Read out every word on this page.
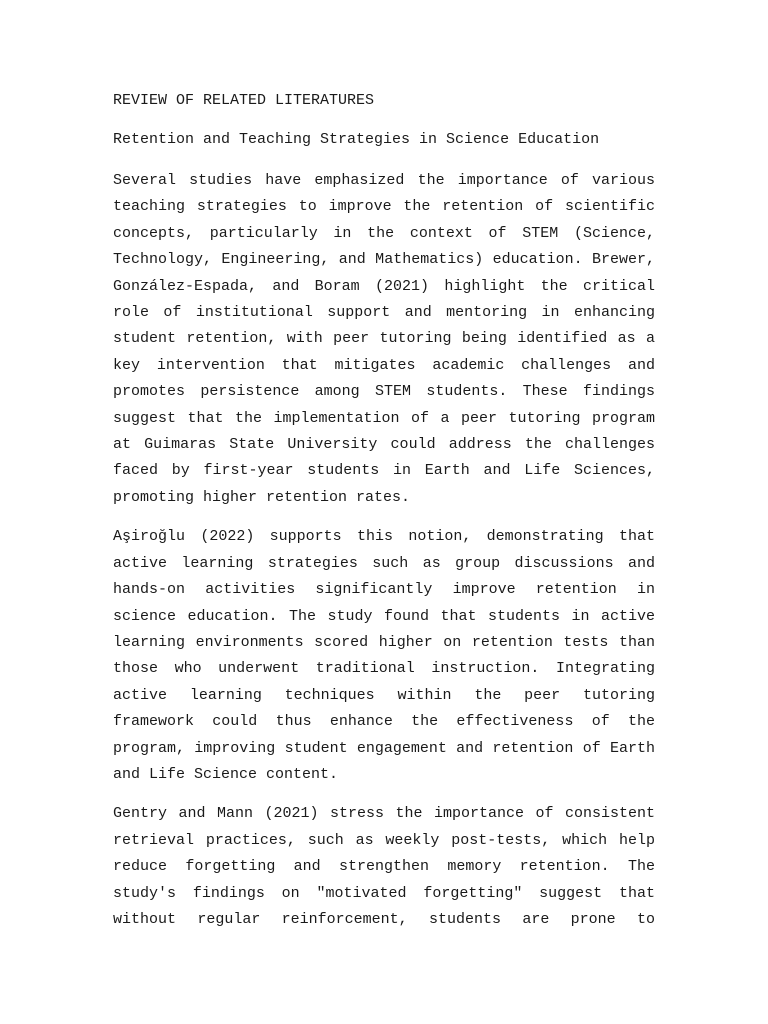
REVIEW OF RELATED LITERATURES

Retention and Teaching Strategies in Science Education

Several studies have emphasized the importance of various teaching strategies to improve the retention of scientific concepts, particularly in the context of STEM (Science, Technology, Engineering, and Mathematics) education. Brewer, González-Espada, and Boram (2021) highlight the critical role of institutional support and mentoring in enhancing student retention, with peer tutoring being identified as a key intervention that mitigates academic challenges and promotes persistence among STEM students. These findings suggest that the implementation of a peer tutoring program at Guimaras State University could address the challenges faced by first-year students in Earth and Life Sciences, promoting higher retention rates.

Aşiroğlu (2022) supports this notion, demonstrating that active learning strategies such as group discussions and hands-on activities significantly improve retention in science education. The study found that students in active learning environments scored higher on retention tests than those who underwent traditional instruction. Integrating active learning techniques within the peer tutoring framework could thus enhance the effectiveness of the program, improving student engagement and retention of Earth and Life Science content.

Gentry and Mann (2021) stress the importance of consistent retrieval practices, such as weekly post-tests, which help reduce forgetting and strengthen memory retention. The study's findings on "motivated forgetting" suggest that without regular reinforcement, students are prone to
